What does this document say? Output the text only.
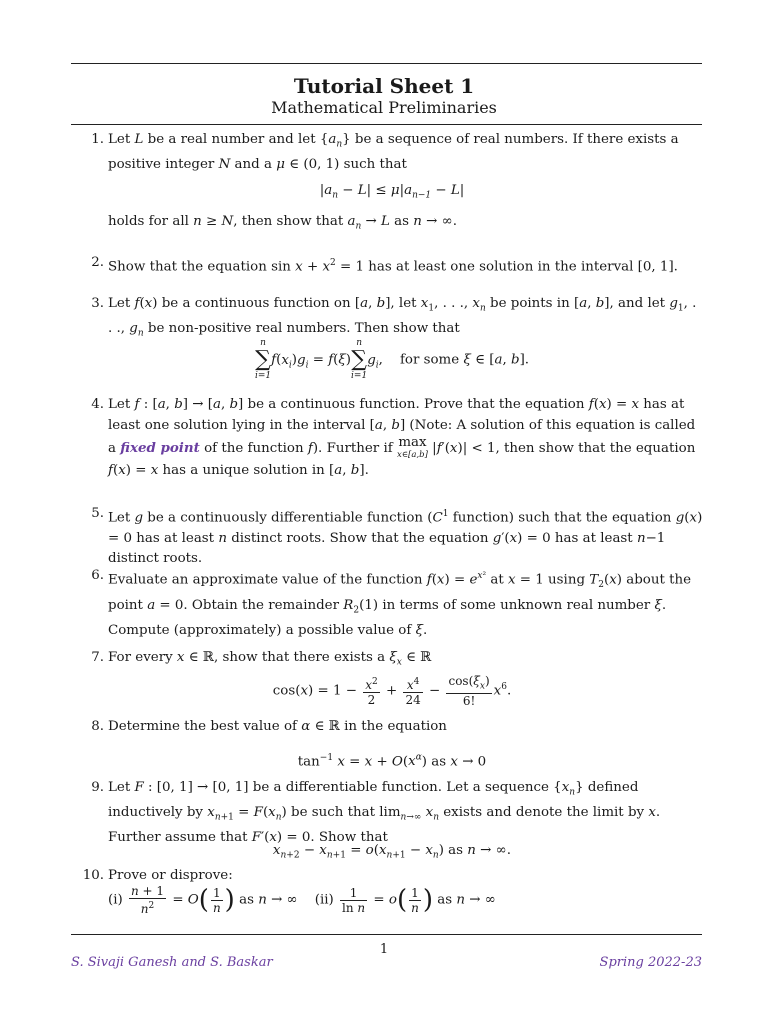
Tutorial Sheet 1
Mathematical Preliminaries
1. Let L be a real number and let $\{a_n\}$ be a sequence of real numbers. If there exists a positive integer N and a μ ∈ (0, 1) such that
$|a_n - L| \le \mu|a_{n-1} - L|$
holds for all n ≥ N, then show that $a_n \to L$ as n → ∞.
2. Show that the equation $\sin x + x^2 = 1$ has at least one solution in the interval [0, 1].
3. Let f(x) be a continuous function on [a, b], let $x_1$, . . ., $x_n$ be points in [a, b], and let $g_1$, . . ., $g_n$ be non-positive real numbers. Then show that
n
∑
i=1
$f(x_i)g_i = f(\xi)$
n
∑
i=1
$g_i$,    for some ξ ∈ [a, b].
4. Let f : [a, b] → [a, b] be a continuous function. Prove that the equation f(x) = x has at least one solution lying in the interval [a, b] (Note: A solution of this equation is called a fixed point of the function f). Further if max
x∈[a,b] |f′(x)| < 1, then show that the equation f(x) = x has a unique solution in [a, b].
5. Let g be a continuously differentiable function ($C^1$ function) such that the equation g(x) = 0 has at least n distinct roots. Show that the equation g′(x) = 0 has at least n−1 distinct roots.
6. Evaluate an approximate value of the function $f(x) = e^{x^2}$ at x = 1 using $T_2(x)$ about the point a = 0. Obtain the remainder $R_2(1)$ in terms of some unknown real number ξ. Compute (approximately) a possible value of ξ.
7. For every x ∈ ℝ, show that there exists a $\xi_x$ ∈ ℝ
$\cos(x) = 1 - \frac{x^2}{2} + \frac{x^4}{24} - \frac{\cos(\xi_x)}{6!} x^6$.
8. Determine the best value of α ∈ ℝ in the equation
$\tan^{-1} x = x + O(x^\alpha)$ as x → 0
9. Let F : [0, 1] → [0, 1] be a differentiable function. Let a sequence $\{x_n\}$ defined inductively by $x_{n+1} = F(x_n)$ be such that $\lim_{n\to\infty} x_n$ exists and denote the limit by x. Further assume that F′(x) = 0. Show that
$x_{n+2} - x_{n+1} = o(x_{n+1} - x_n)$ as n → ∞.
10. Prove or disprove:
$(i) \frac{n + 1}{n^2} = O( \frac{1}{n}$ ) as n → ∞    $(ii) \frac{1}{\text{ln n}} = o( \frac{1}{n}$ ) as n → ∞
1
S. Sivaji Ganesh and S. Baskar	Spring 2022-23
